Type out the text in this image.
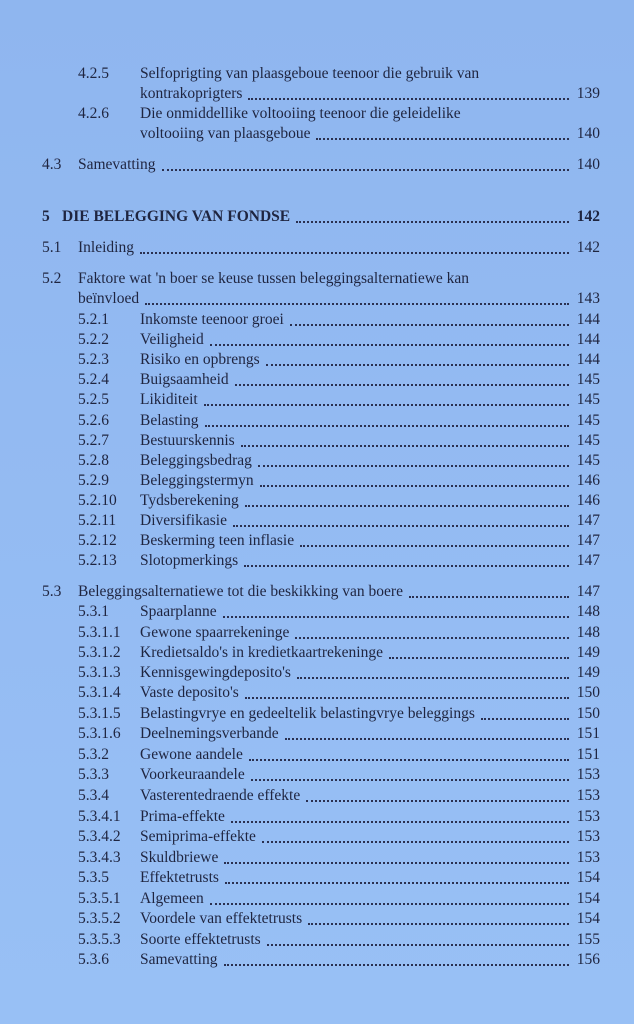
4.2.5 Selfoprigting van plaasgeboue teenoor die gebruik van
kontrakoprigters	139
4.2.6 Die onmiddellike voltooiing teenoor die geleidelike
voltooiing van plaasgeboue	140
4.3 Samevatting	140
5 DIE BELEGGING VAN FONDSE	142
5.1 Inleiding	142
5.2 Faktore wat 'n boer se keuse tussen beleggingsalternatiewe kan
beïnvloed	143
5.2.1 Inkomste teenoor groei	144
5.2.2 Veiligheid	144
5.2.3 Risiko en opbrengs	144
5.2.4 Buigsaamheid	145
5.2.5 Likiditeit	145
5.2.6 Belasting	145
5.2.7 Bestuurskennis	145
5.2.8 Beleggingsbedrag	145
5.2.9 Beleggingstermyn	146
5.2.10 Tydsberekening	146
5.2.11 Diversifikasie	147
5.2.12 Beskerming teen inflasie	147
5.2.13 Slotopmerkings	147
5.3 Beleggingsalternatiewe tot die beskikking van boere	147
5.3.1 Spaarplanne	148
5.3.1.1 Gewone spaarrekeninge	148
5.3.1.2 Kredietsaldo's in kredietkaartrekeninge	149
5.3.1.3 Kennisgewingdeposito's	149
5.3.1.4 Vaste deposito's	150
5.3.1.5 Belastingvrye en gedeeltelik belastingvrye beleggings	150
5.3.1.6 Deelnemingsverbande	151
5.3.2 Gewone aandele	151
5.3.3 Voorkeuraandele	153
5.3.4 Vasterentedraende effekte	153
5.3.4.1 Prima-effekte	153
5.3.4.2 Semiprima-effekte	153
5.3.4.3 Skuldbriewe	153
5.3.5 Effektetrusts	154
5.3.5.1 Algemeen	154
5.3.5.2 Voordele van effektetrusts	154
5.3.5.3 Soorte effektetrusts	155
5.3.6 Samevatting	156
